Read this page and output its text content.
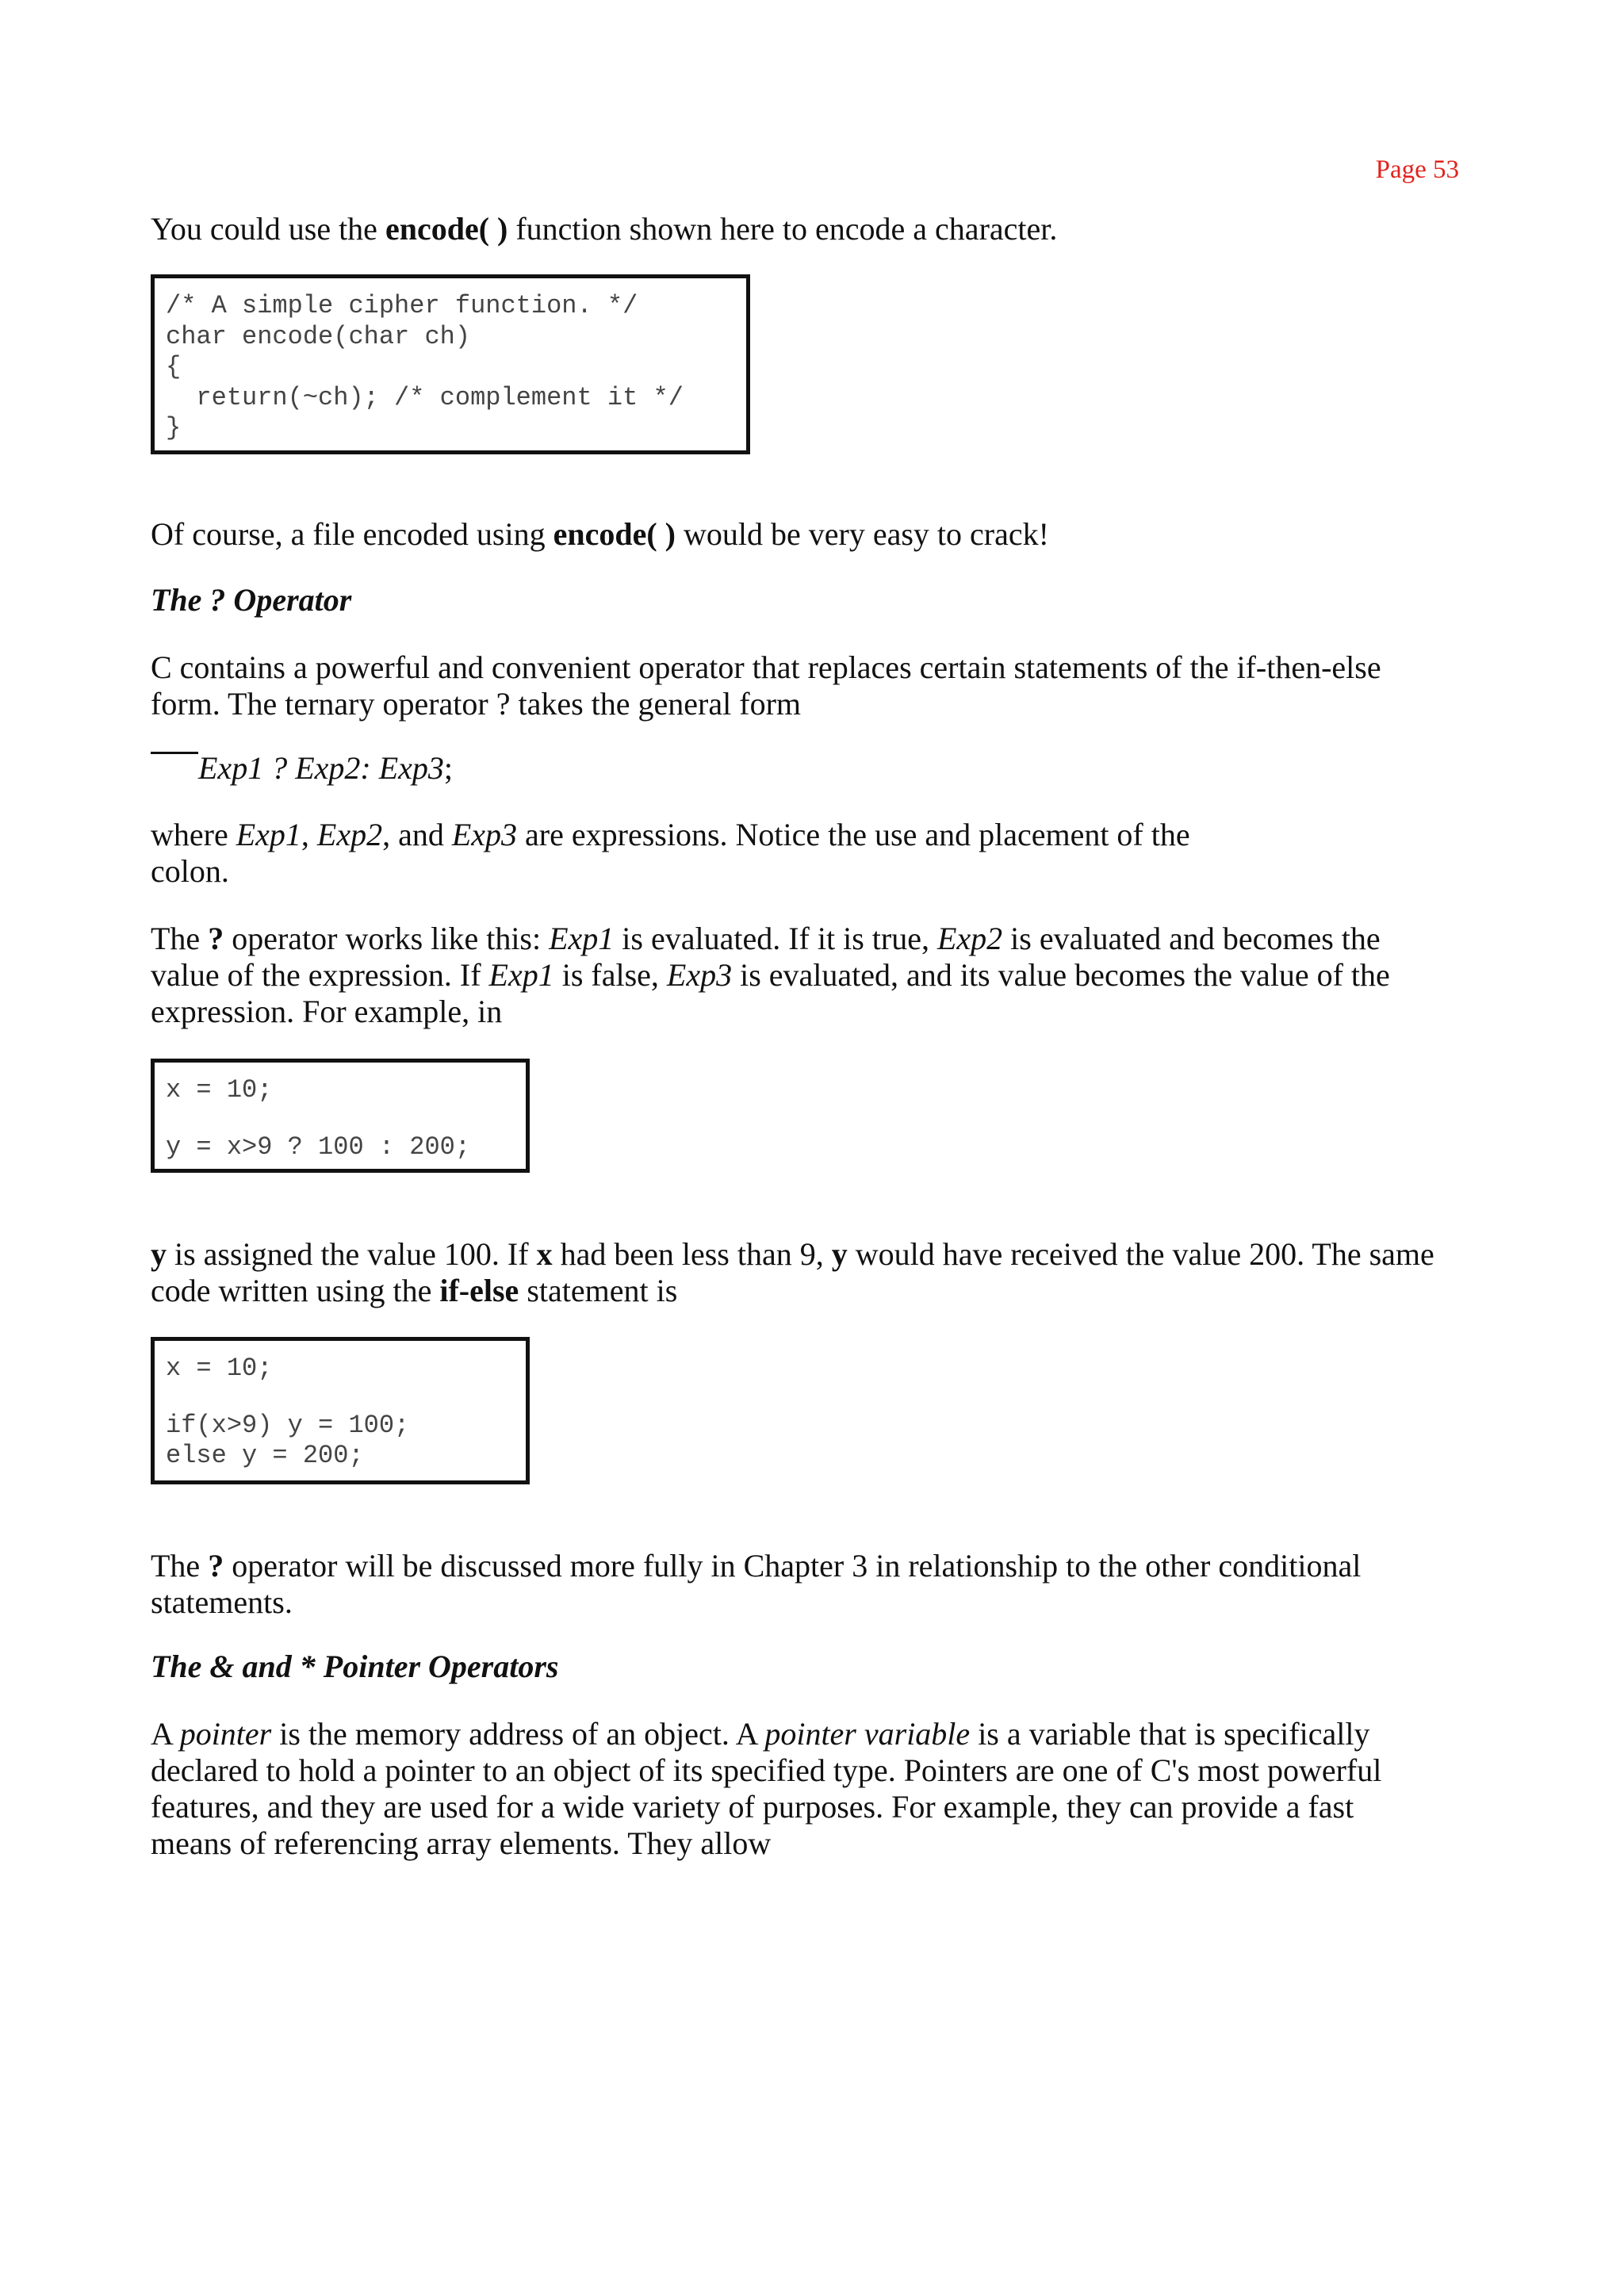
Page 53

You could use the encode( ) function shown here to encode a character.

/* A simple cipher function. */
char encode(char ch)
{
return(~ch); /* complement it */
}

Of course, a file encoded using encode( ) would be very easy to crack!

The ? Operator

C contains a powerful and convenient operator that replaces certain statements of the if-then-else form. The ternary operator ? takes the general form

Exp1 ? Exp2: Exp3;

where Exp1, Exp2, and Exp3 are expressions. Notice the use and placement of the
colon.

The ? operator works like this: Exp1 is evaluated. If it is true, Exp2 is evaluated and becomes the value of the expression. If Exp1 is false, Exp3 is evaluated, and its value becomes the value of the expression. For example, in

x = 10;
y = x>9 ? 100 : 200;

y is assigned the value 100. If x had been less than 9, y would have received the value 200. The same code written using the if-else statement is

x = 10;
if(x>9) y = 100;
else y = 200;

The ? operator will be discussed more fully in Chapter 3 in relationship to the other conditional statements.

The & and * Pointer Operators

A pointer is the memory address of an object. A pointer variable is a variable that is specifically declared to hold a pointer to an object of its specified type. Pointers are one of C's most powerful features, and they are used for a wide variety of purposes. For example, they can provide a fast means of referencing array elements. They allow
